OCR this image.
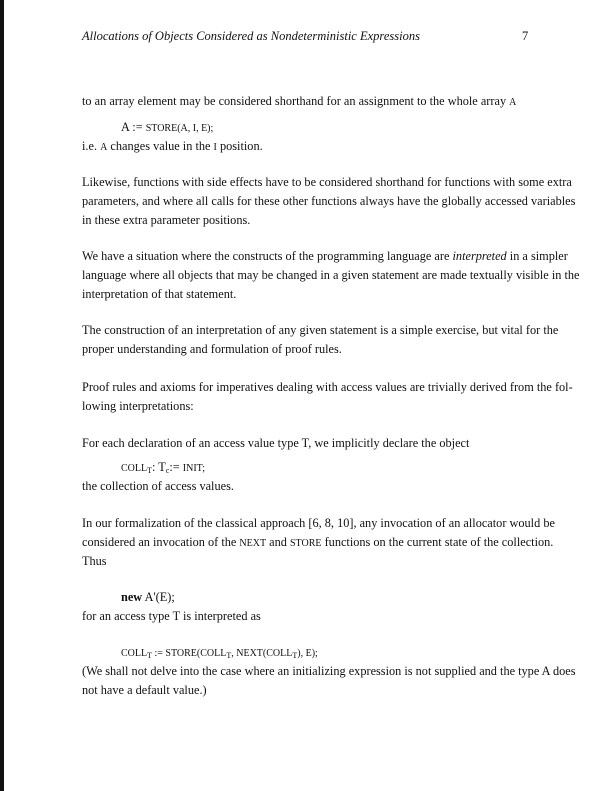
Allocations of Objects Considered as Nondeterministic Expressions	7
to an array element may be considered shorthand for an assignment to the whole array A
A := STORE(A, I, E);
i.e. A changes value in the I position.
Likewise, functions with side effects have to be considered shorthand for functions with some extra
parameters, and where all calls for these other functions always have the globally accessed variables
in these extra parameter positions.
We have a situation where the constructs of the programming language are interpreted in a simpler
language where all objects that may be changed in a given statement are made textually visible in the
interpretation of that statement.
The construction of an interpretation of any given statement is a simple exercise, but vital for the
proper understanding and formulation of proof rules.
Proof rules and axioms for imperatives dealing with access values are trivially derived from the fol-
lowing interpretations:
For each declaration of an access value type T, we implicitly declare the object
$COLL_T$: $T_c:=$ INIT;
the collection of access values.
In our formalization of the classical approach [6, 8, 10], any invocation of an allocator would be
considered an invocation of the NEXT and STORE functions on the current state of the collection.
Thus
new A'(E);
for an access type T is interpreted as
$COLL_T$ := $STORE(COLL_T$, $NEXT(COLL_T)$, E);
(We shall not delve into the case where an initializing expression is not supplied and the type A does
not have a default value.)
